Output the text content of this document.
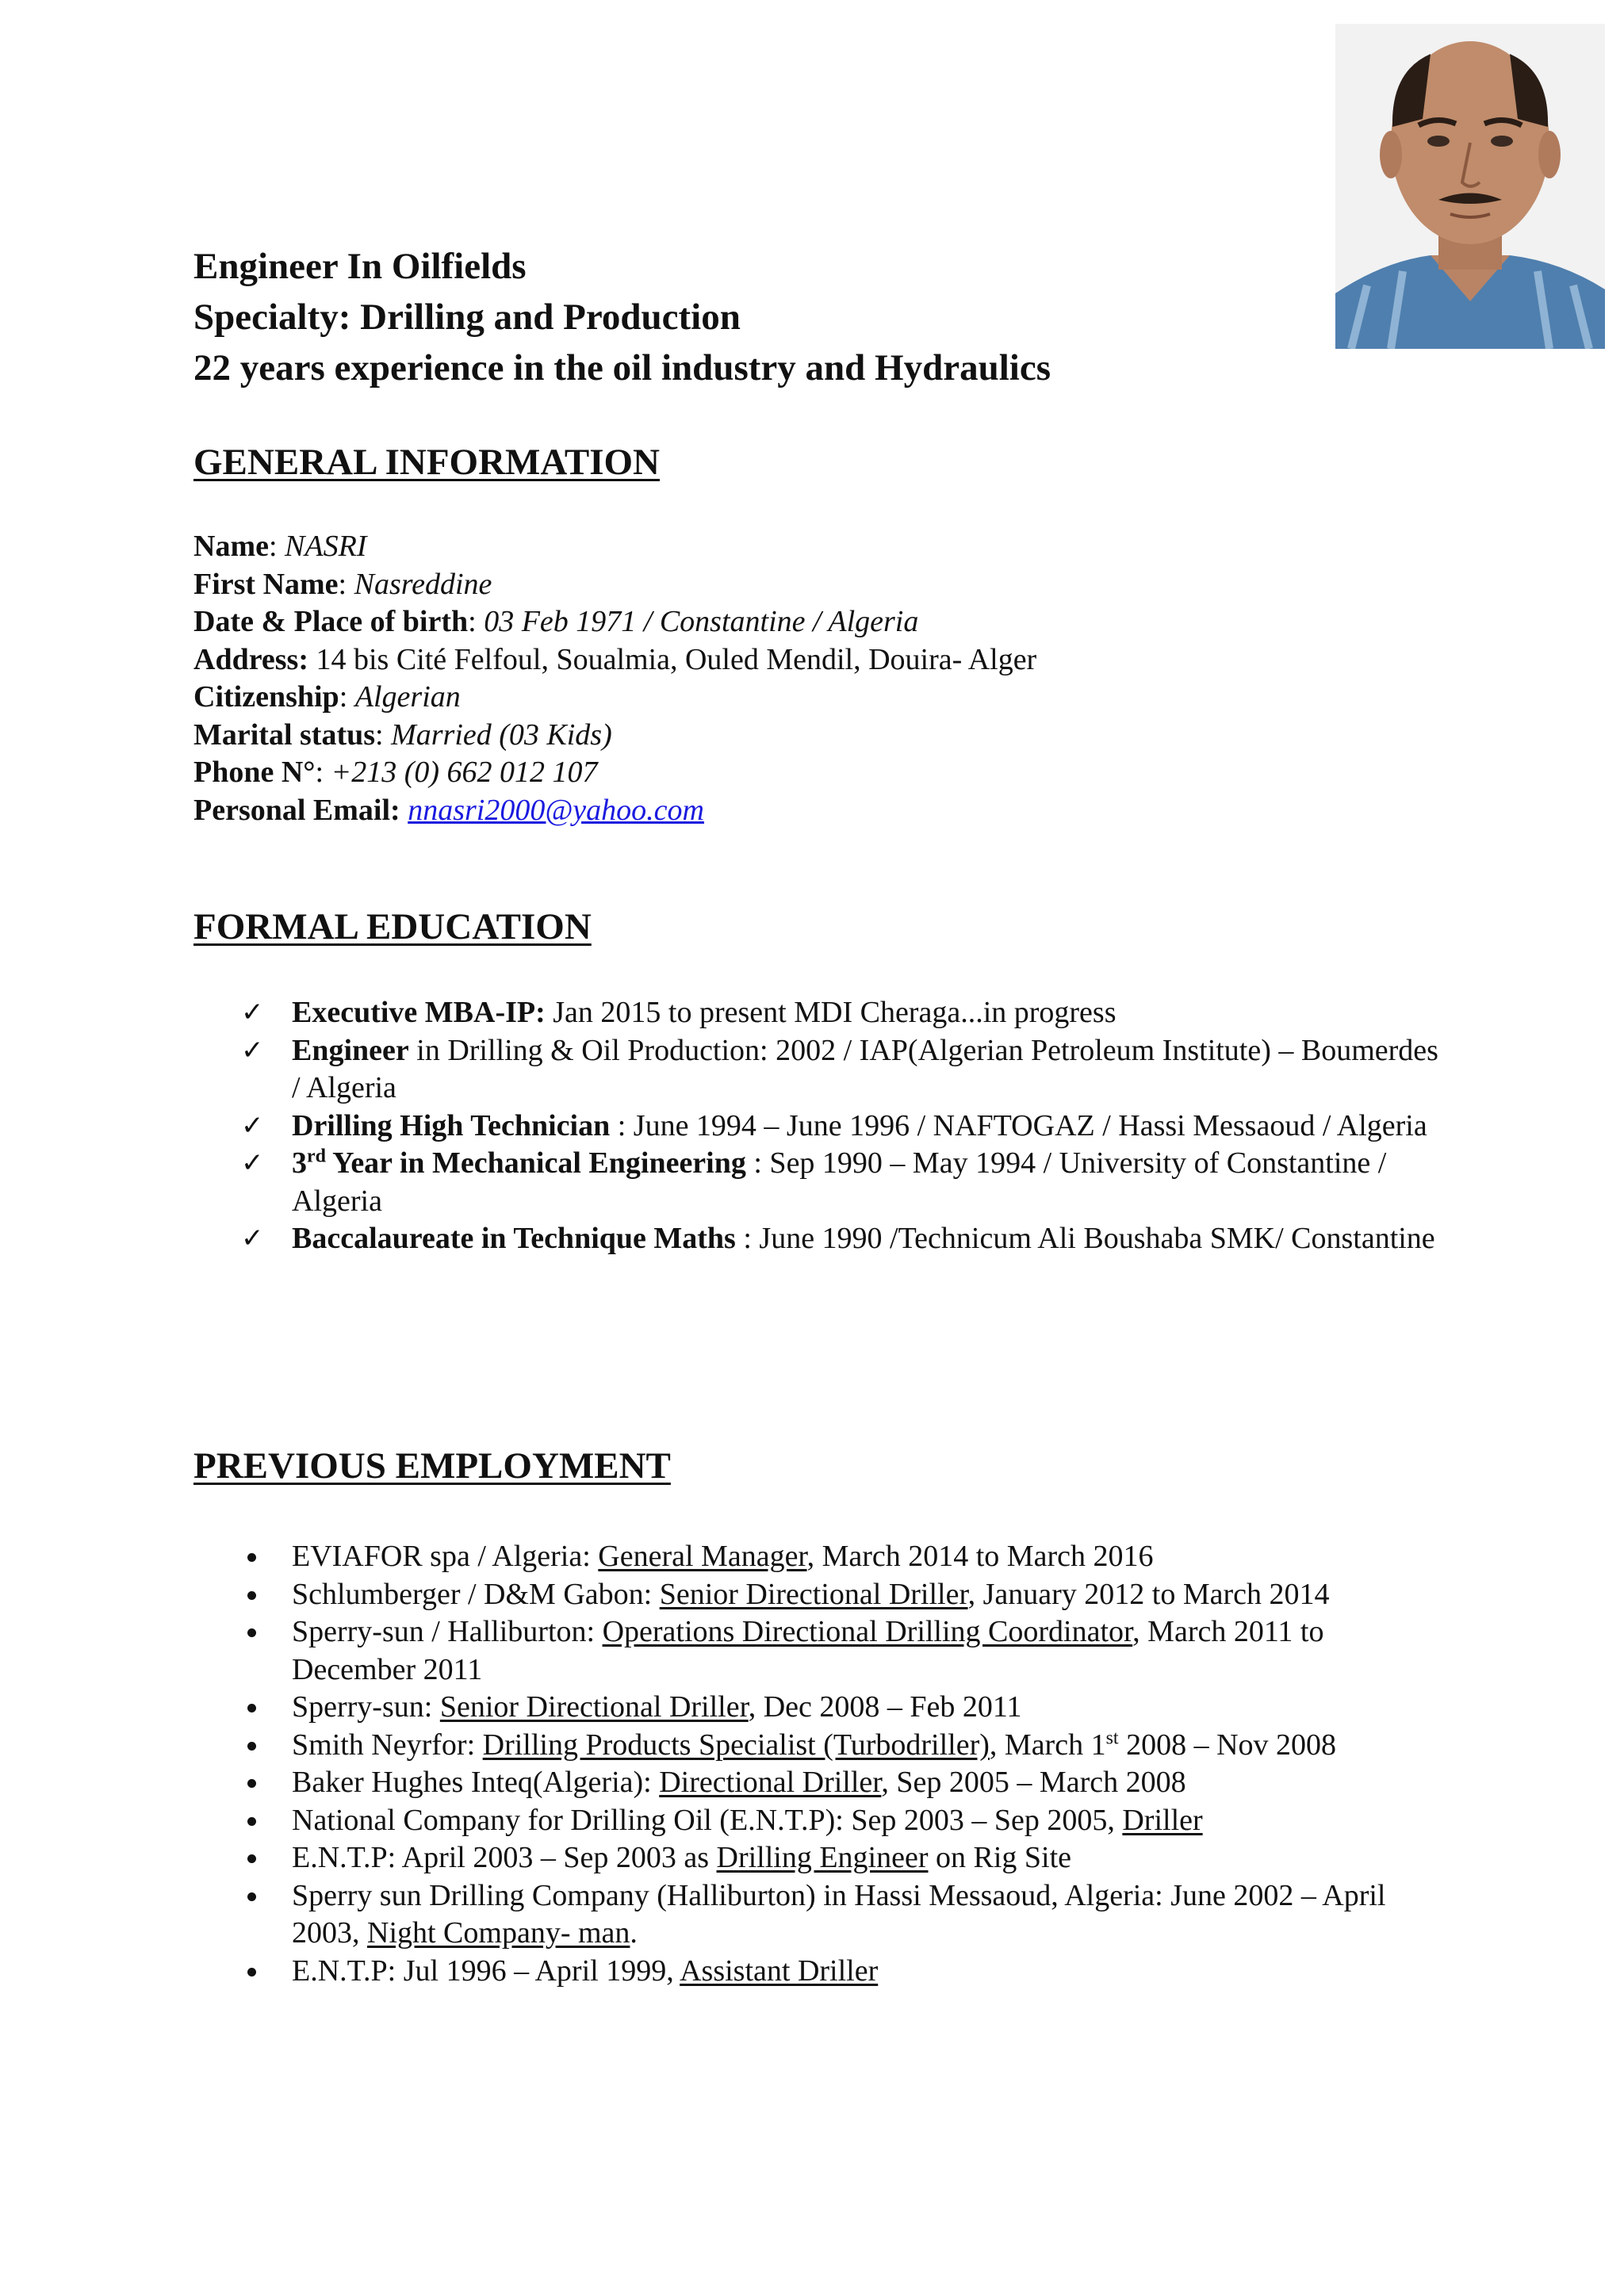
Engineer In Oilfields
Specialty: Drilling and Production
22 years experience in the oil industry and Hydraulics
GENERAL INFORMATION
Name: NASRI
First Name: Nasreddine
Date & Place of birth: 03 Feb 1971 / Constantine / Algeria
Address: 14 bis Cité Felfoul, Soualmia, Ouled Mendil, Douira- Alger
Citizenship: Algerian
Marital status: Married (03 Kids)
Phone N°: +213 (0) 662 012 107
Personal Email: nnasri2000@yahoo.com
FORMAL EDUCATION
✓ Executive MBA-IP: Jan 2015 to present MDI Cheraga...in progress
✓ Engineer in Drilling & Oil Production: 2002 / IAP(Algerian Petroleum Institute) – Boumerdes / Algeria
✓ Drilling High Technician : June 1994 – June 1996 / NAFTOGAZ / Hassi Messaoud / Algeria
✓ 3rd Year in Mechanical Engineering : Sep 1990 – May 1994 / University of Constantine / Algeria
✓ Baccalaureate in Technique Maths : June 1990 /Technicum Ali Boushaba SMK/ Constantine
PREVIOUS EMPLOYMENT
EVIAFOR spa / Algeria: General Manager, March 2014 to March 2016
Schlumberger / D&M Gabon: Senior Directional Driller, January 2012 to March 2014
Sperry-sun / Halliburton: Operations Directional Drilling Coordinator, March 2011 to December 2011
Sperry-sun: Senior Directional Driller, Dec 2008 – Feb 2011
Smith Neyrfor: Drilling Products Specialist (Turbodriller), March 1st 2008 – Nov 2008
Baker Hughes Inteq(Algeria): Directional Driller, Sep 2005 – March 2008
National Company for Drilling Oil (E.N.T.P): Sep 2003 – Sep 2005, Driller
E.N.T.P: April 2003 – Sep 2003 as Drilling Engineer on Rig Site
Sperry sun Drilling Company (Halliburton) in Hassi Messaoud, Algeria: June 2002 – April 2003, Night Company- man.
E.N.T.P: Jul 1996 – April 1999, Assistant Driller
